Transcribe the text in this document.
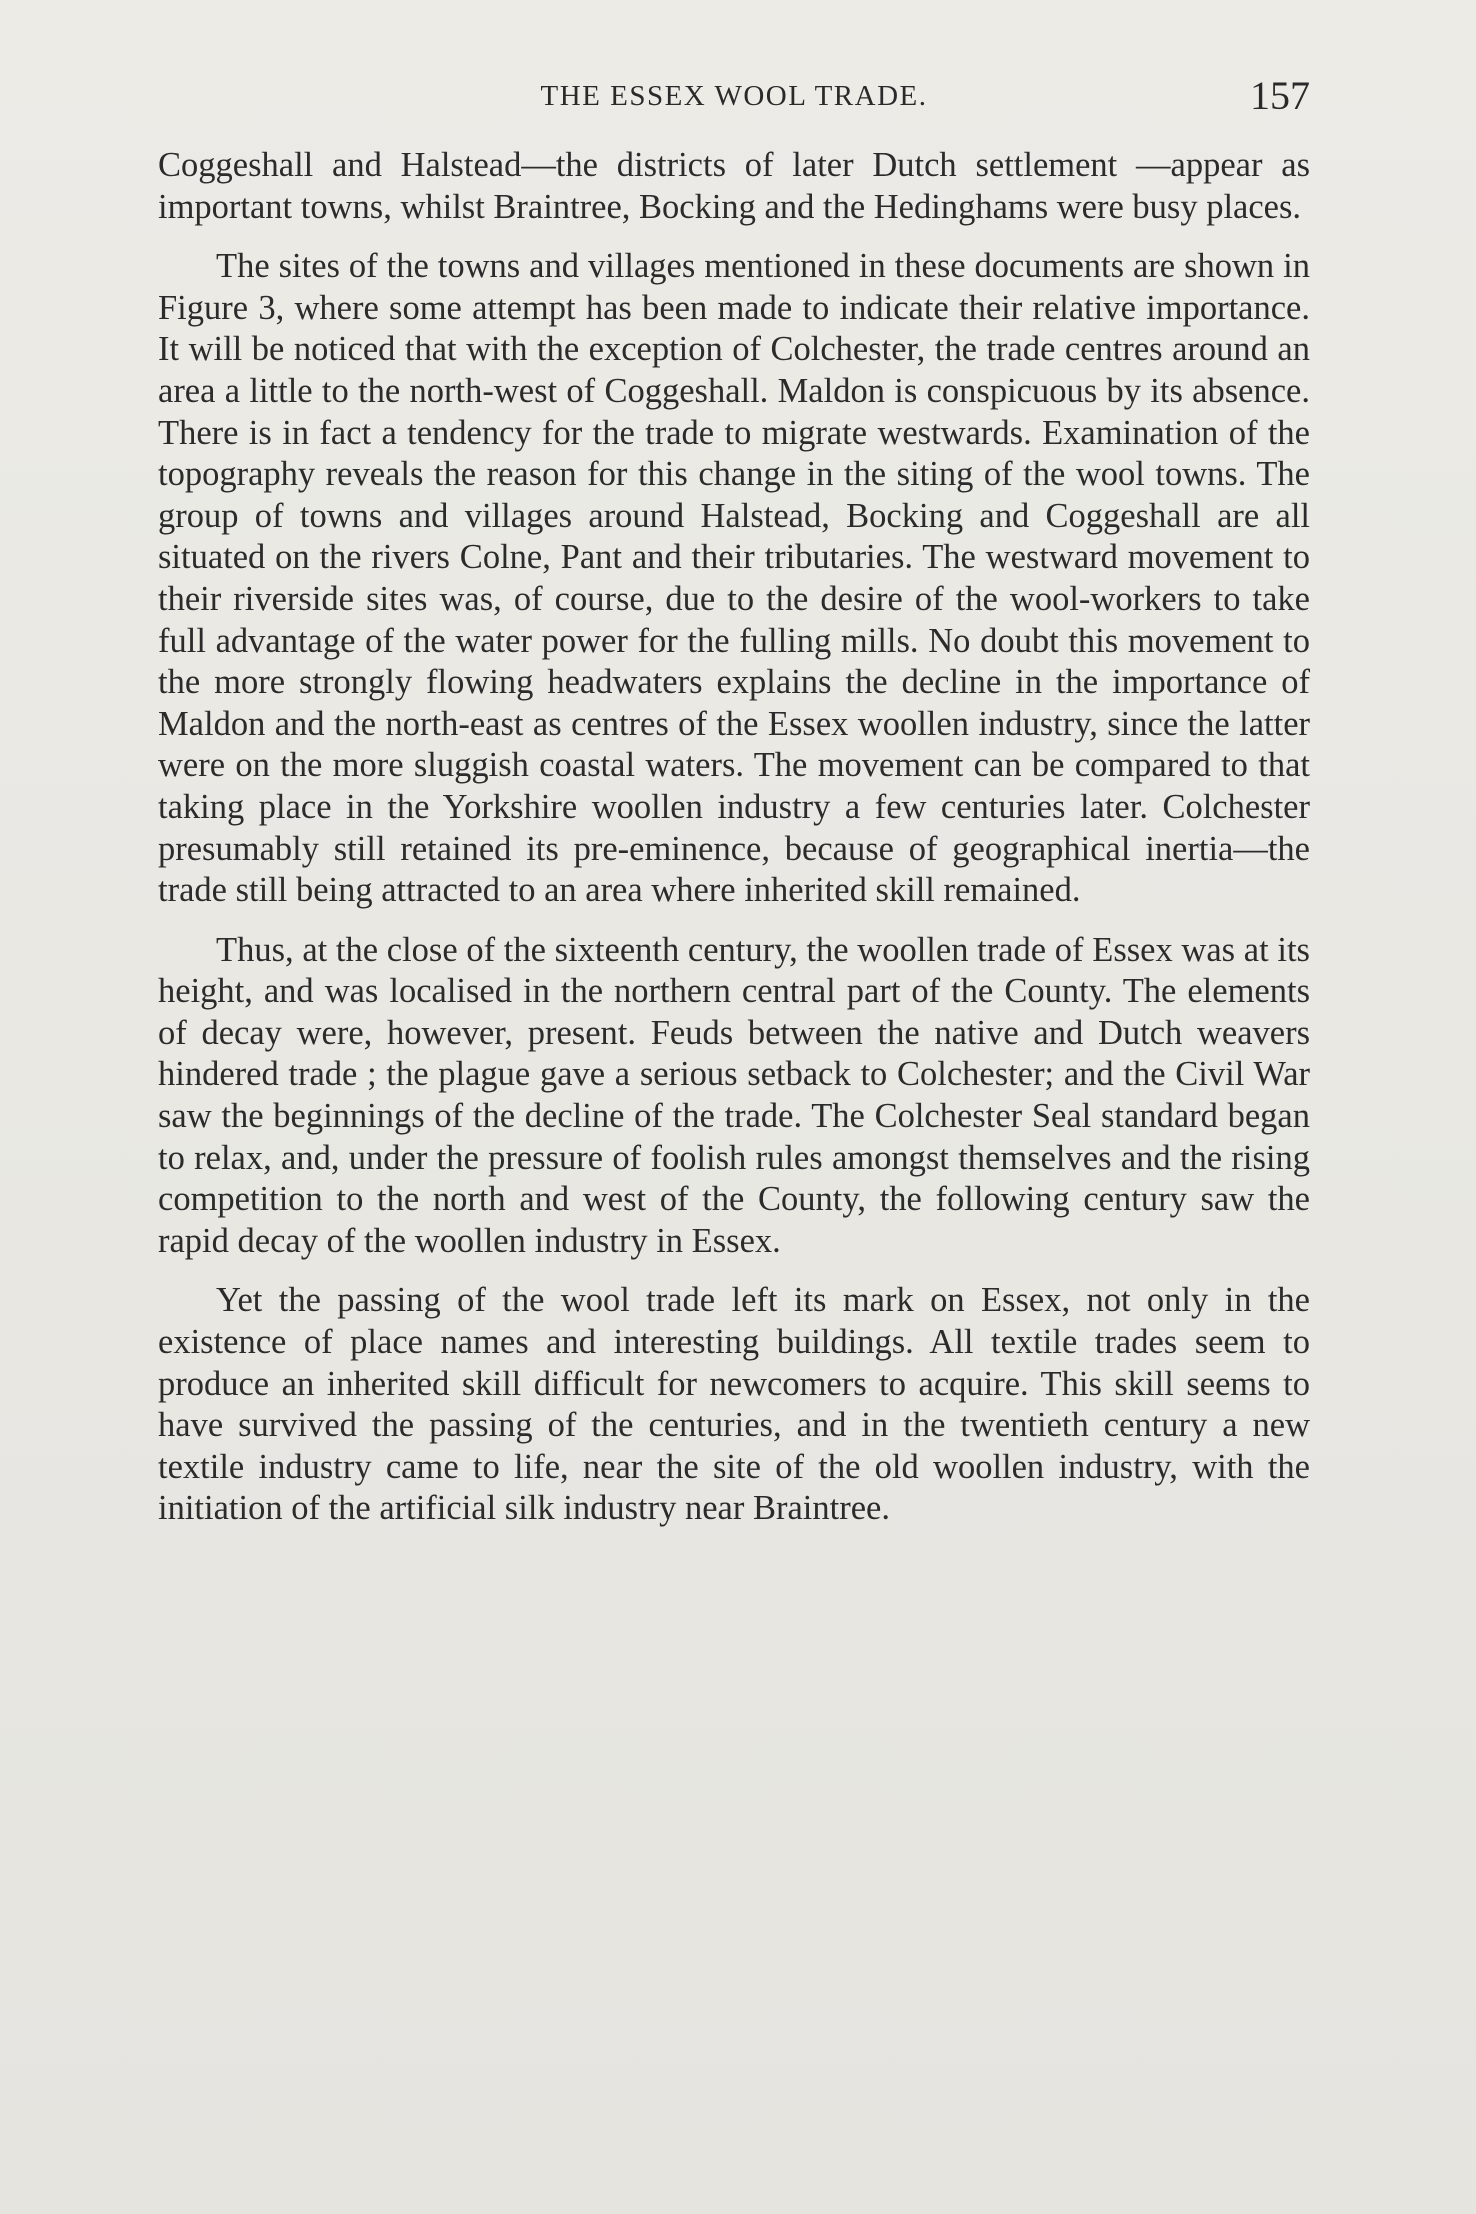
THE ESSEX WOOL TRADE.	157

Coggeshall and Halstead—the districts of later Dutch settlement —appear as important towns, whilst Braintree, Bocking and the Hedinghams were busy places.

The sites of the towns and villages mentioned in these documents are shown in Figure 3, where some attempt has been made to indicate their relative importance. It will be noticed that with the exception of Colchester, the trade centres around an area a little to the north-west of Coggeshall. Maldon is conspicuous by its absence. There is in fact a tendency for the trade to migrate westwards. Examination of the topography reveals the reason for this change in the siting of the wool towns. The group of towns and villages around Halstead, Bocking and Coggeshall are all situated on the rivers Colne, Pant and their tributaries. The westward movement to their riverside sites was, of course, due to the desire of the wool-workers to take full advantage of the water power for the fulling mills. No doubt this movement to the more strongly flowing headwaters explains the decline in the importance of Maldon and the north-east as centres of the Essex woollen industry, since the latter were on the more sluggish coastal waters. The movement can be compared to that taking place in the Yorkshire woollen industry a few centuries later. Colchester presumably still retained its pre-eminence, because of geographical inertia—the trade still being attracted to an area where inherited skill remained.

Thus, at the close of the sixteenth century, the woollen trade of Essex was at its height, and was localised in the northern central part of the County. The elements of decay were, however, present. Feuds between the native and Dutch weavers hindered trade ; the plague gave a serious setback to Colchester; and the Civil War saw the beginnings of the decline of the trade. The Colchester Seal standard began to relax, and, under the pressure of foolish rules amongst themselves and the rising competition to the north and west of the County, the following century saw the rapid decay of the woollen industry in Essex.

Yet the passing of the wool trade left its mark on Essex, not only in the existence of place names and interesting buildings. All textile trades seem to produce an inherited skill difficult for newcomers to acquire. This skill seems to have survived the passing of the centuries, and in the twentieth century a new textile industry came to life, near the site of the old woollen industry, with the initiation of the artificial silk industry near Braintree.
